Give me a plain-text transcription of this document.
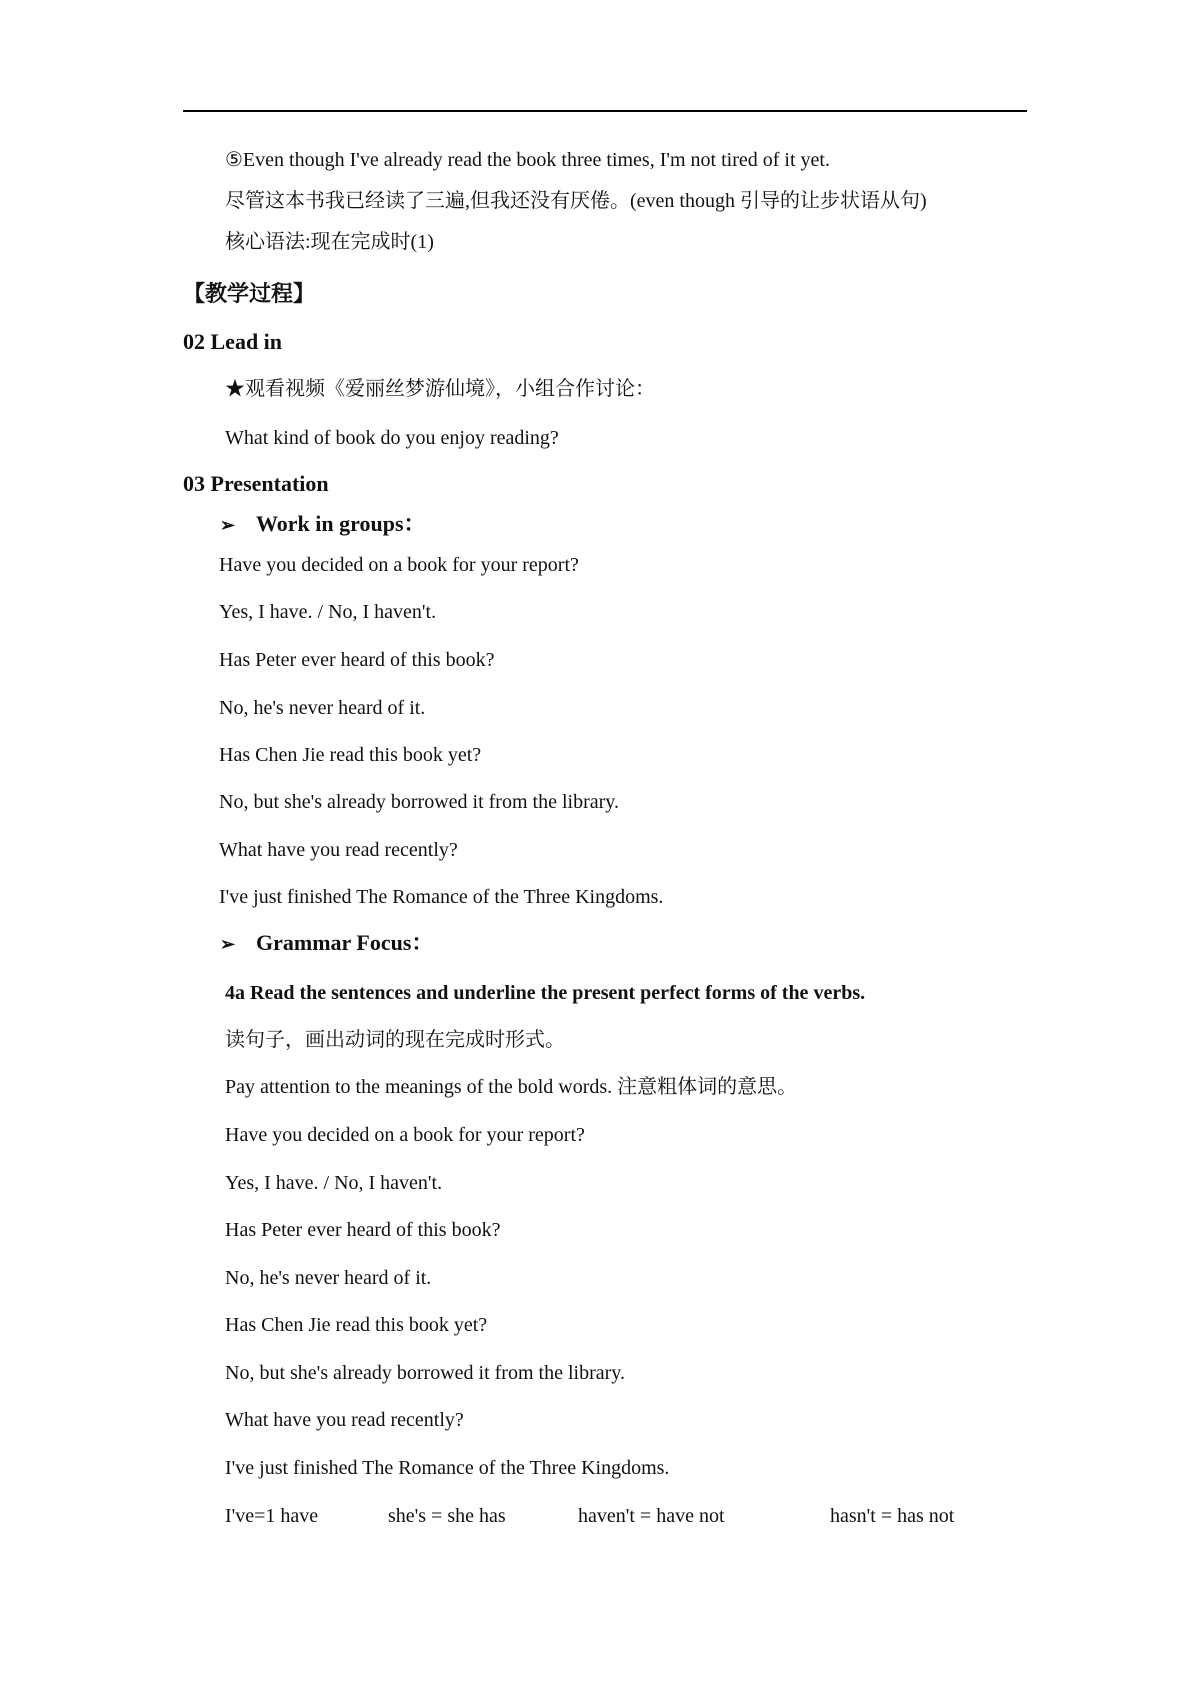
⑤Even though I've already read the book three times, I'm not tired of it yet.
尽管这本书我已经读了三遍,但我还没有厌倦。(even though 引导的让步状语从句)
核心语法:现在完成时(1)
【教学过程】
02 Lead in
★观看视频《爱丽丝梦游仙境》，小组合作讨论：
What kind of book do you enjoy reading?
03 Presentation
➢ Work in groups：
Have you decided on a book for your report?
Yes, I have. / No, I haven't.
Has Peter ever heard of this book?
No, he's never heard of it.
Has Chen Jie read this book yet?
No, but she's already borrowed it from the library.
What have you read recently?
I've just finished The Romance of the Three Kingdoms.
➢ Grammar Focus：
4a Read the sentences and underline the present perfect forms of the verbs.
读句子，画出动词的现在完成时形式。
Pay attention to the meanings of the bold words. 注意粗体词的意思。
Have you decided on a book for your report?
Yes, I have. / No, I haven't.
Has Peter ever heard of this book?
No, he's never heard of it.
Has Chen Jie read this book yet?
No, but she's already borrowed it from the library.
What have you read recently?
I've just finished The Romance of the Three Kingdoms.
I've=1 have	she's = she has	haven't = have not	hasn't = has not
